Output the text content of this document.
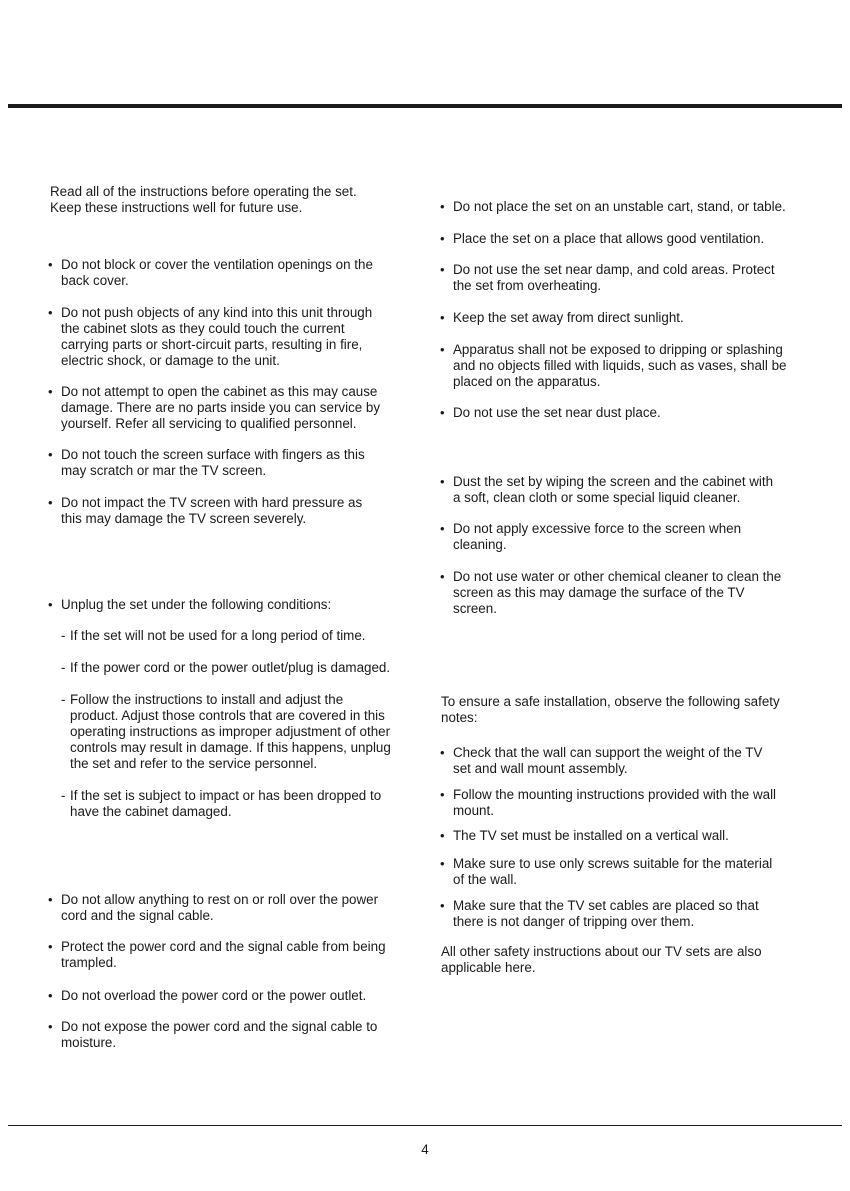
Read all of the instructions before operating the set.
Keep these instructions well for future use.

• Do not block or cover the ventilation openings on the
back cover.
• Do not push objects of any kind into this unit through
the cabinet slots as they could touch the current
carrying parts or short-circuit parts, resulting in fire,
electric shock, or damage to the unit.
• Do not attempt to open the cabinet as this may cause
damage. There are no parts inside you can service by
yourself. Refer all servicing to qualified personnel.
• Do not touch the screen surface with fingers as this
may scratch or mar the TV screen.
• Do not impact the TV screen with hard pressure as
this may damage the TV screen severely.
• Unplug the set under the following conditions:
- If the set will not be used for a long period of time.
- If the power cord or the power outlet/plug is damaged.
- Follow the instructions to install and adjust the
product. Adjust those controls that are covered in this
operating instructions as improper adjustment of other
controls may result in damage. If this happens, unplug
the set and refer to the service personnel.
- If the set is subject to impact or has been dropped to
have the cabinet damaged.
• Do not allow anything to rest on or roll over the power
cord and the signal cable.
• Protect the power cord and the signal cable from being
trampled.
• Do not overload the power cord or the power outlet.
• Do not expose the power cord and the signal cable to
moisture.
• Do not place the set on an unstable cart, stand, or table.
• Place the set on a place that allows good ventilation.
• Do not use the set near damp, and cold areas. Protect
the set from overheating.
• Keep the set away from direct sunlight.
• Apparatus shall not be exposed to dripping or splashing
and no objects filled with liquids, such as vases, shall be
placed on the apparatus.
• Do not use the set near dust place.
• Dust the set by wiping the screen and the cabinet with
a soft, clean cloth or some special liquid cleaner.
• Do not apply excessive force to the screen when
cleaning.
• Do not use water or other chemical cleaner to clean the
screen as this may damage the surface of the TV
screen.

To ensure a safe installation, observe the following safety
notes:

• Check that the wall can support the weight of the TV
set and wall mount assembly.
• Follow the mounting instructions provided with the wall
mount.
• The TV set must be installed on a vertical wall.
• Make sure to use only screws suitable for the material
of the wall.
• Make sure that the TV set cables are placed so that
there is not danger of tripping over them.

All other safety instructions about our TV sets are also
applicable here.

4
